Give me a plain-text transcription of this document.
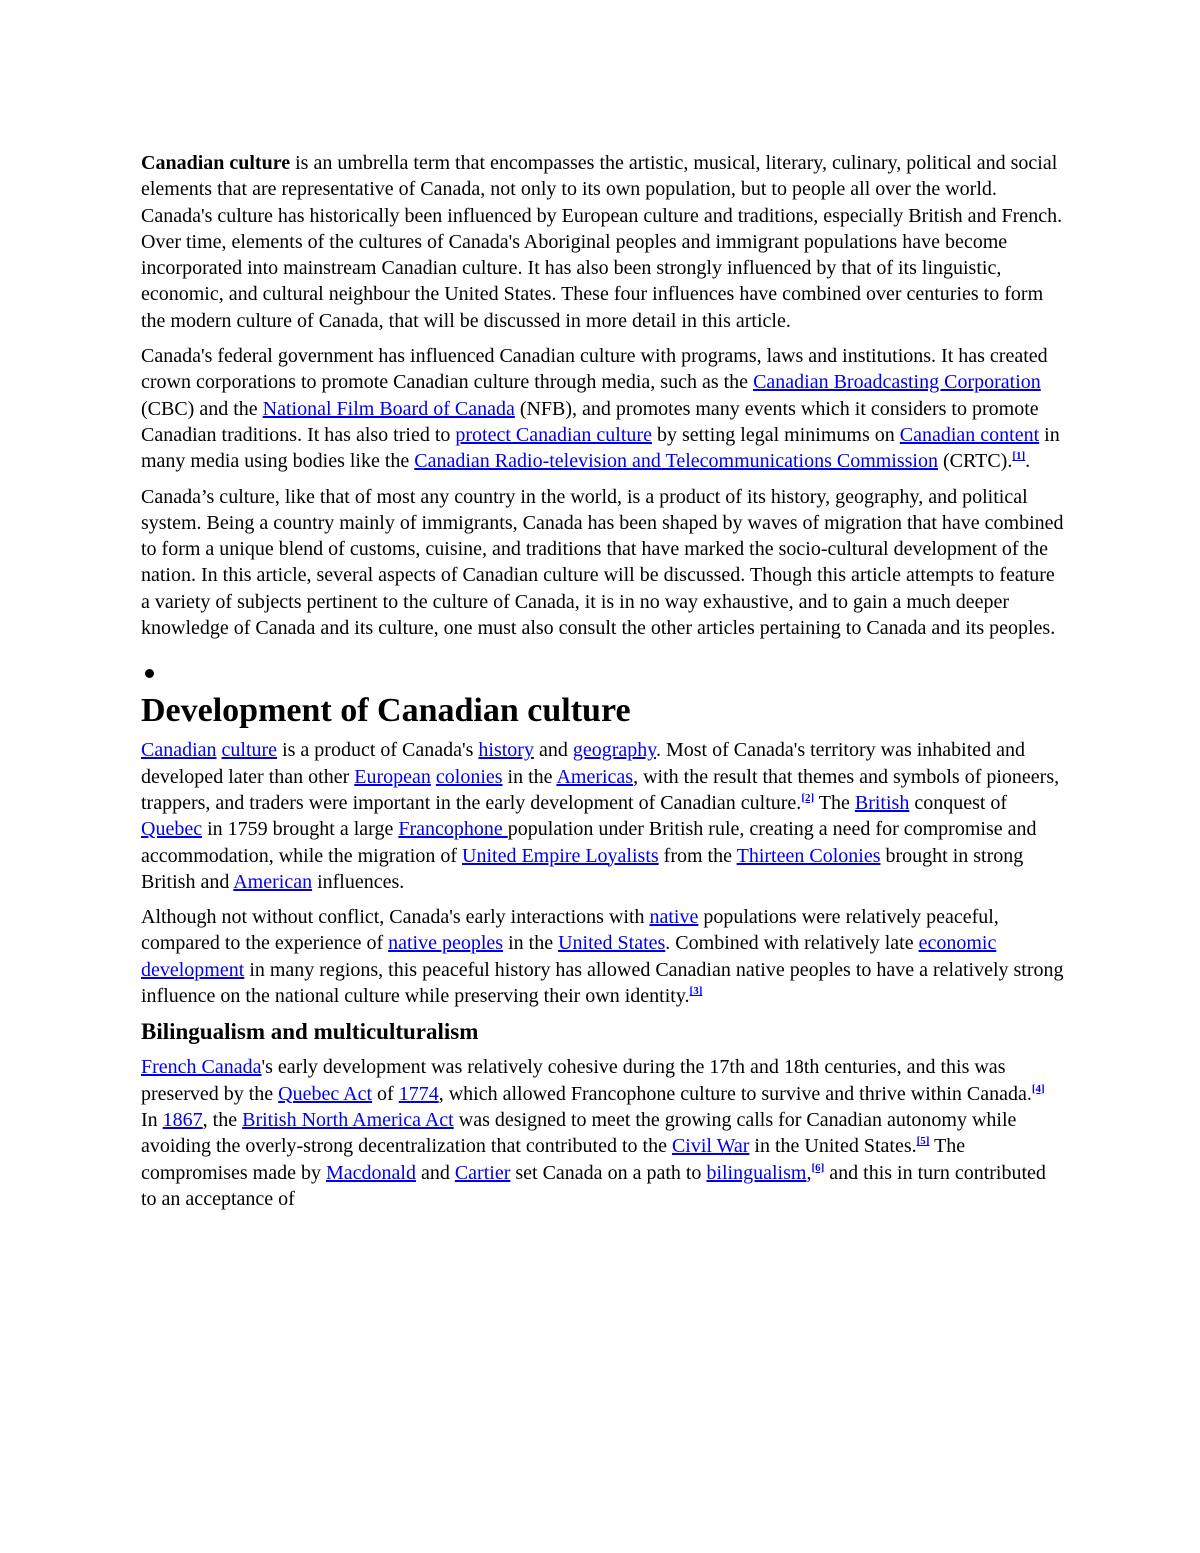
Canadian culture is an umbrella term that encompasses the artistic, musical, literary, culinary, political and social elements that are representative of Canada, not only to its own population, but to people all over the world. Canada's culture has historically been influenced by European culture and traditions, especially British and French. Over time, elements of the cultures of Canada's Aboriginal peoples and immigrant populations have become incorporated into mainstream Canadian culture. It has also been strongly influenced by that of its linguistic, economic, and cultural neighbour the United States. These four influences have combined over centuries to form the modern culture of Canada, that will be discussed in more detail in this article.

Canada's federal government has influenced Canadian culture with programs, laws and institutions. It has created crown corporations to promote Canadian culture through media, such as the Canadian Broadcasting Corporation (CBC) and the National Film Board of Canada (NFB), and promotes many events which it considers to promote Canadian traditions. It has also tried to protect Canadian culture by setting legal minimums on Canadian content in many media using bodies like the Canadian Radio-television and Telecommunications Commission (CRTC).[1].

Canada’s culture, like that of most any country in the world, is a product of its history, geography, and political system. Being a country mainly of immigrants, Canada has been shaped by waves of migration that have combined to form a unique blend of customs, cuisine, and traditions that have marked the socio-cultural development of the nation. In this article, several aspects of Canadian culture will be discussed. Though this article attempts to feature a variety of subjects pertinent to the culture of Canada, it is in no way exhaustive, and to gain a much deeper knowledge of Canada and its culture, one must also consult the other articles pertaining to Canada and its peoples.

Development of Canadian culture

Canadian culture is a product of Canada's history and geography. Most of Canada's territory was inhabited and developed later than other European colonies in the Americas, with the result that themes and symbols of pioneers, trappers, and traders were important in the early development of Canadian culture.[2] The British conquest of Quebec in 1759 brought a large Francophone population under British rule, creating a need for compromise and accommodation, while the migration of United Empire Loyalists from the Thirteen Colonies brought in strong British and American influences.

Although not without conflict, Canada's early interactions with native populations were relatively peaceful, compared to the experience of native peoples in the United States. Combined with relatively late economic development in many regions, this peaceful history has allowed Canadian native peoples to have a relatively strong influence on the national culture while preserving their own identity.[3]

Bilingualism and multiculturalism

French Canada's early development was relatively cohesive during the 17th and 18th centuries, and this was preserved by the Quebec Act of 1774, which allowed Francophone culture to survive and thrive within Canada.[4] In 1867, the British North America Act was designed to meet the growing calls for Canadian autonomy while avoiding the overly-strong decentralization that contributed to the Civil War in the United States.[5] The compromises made by Macdonald and Cartier set Canada on a path to bilingualism,[6] and this in turn contributed to an acceptance of
